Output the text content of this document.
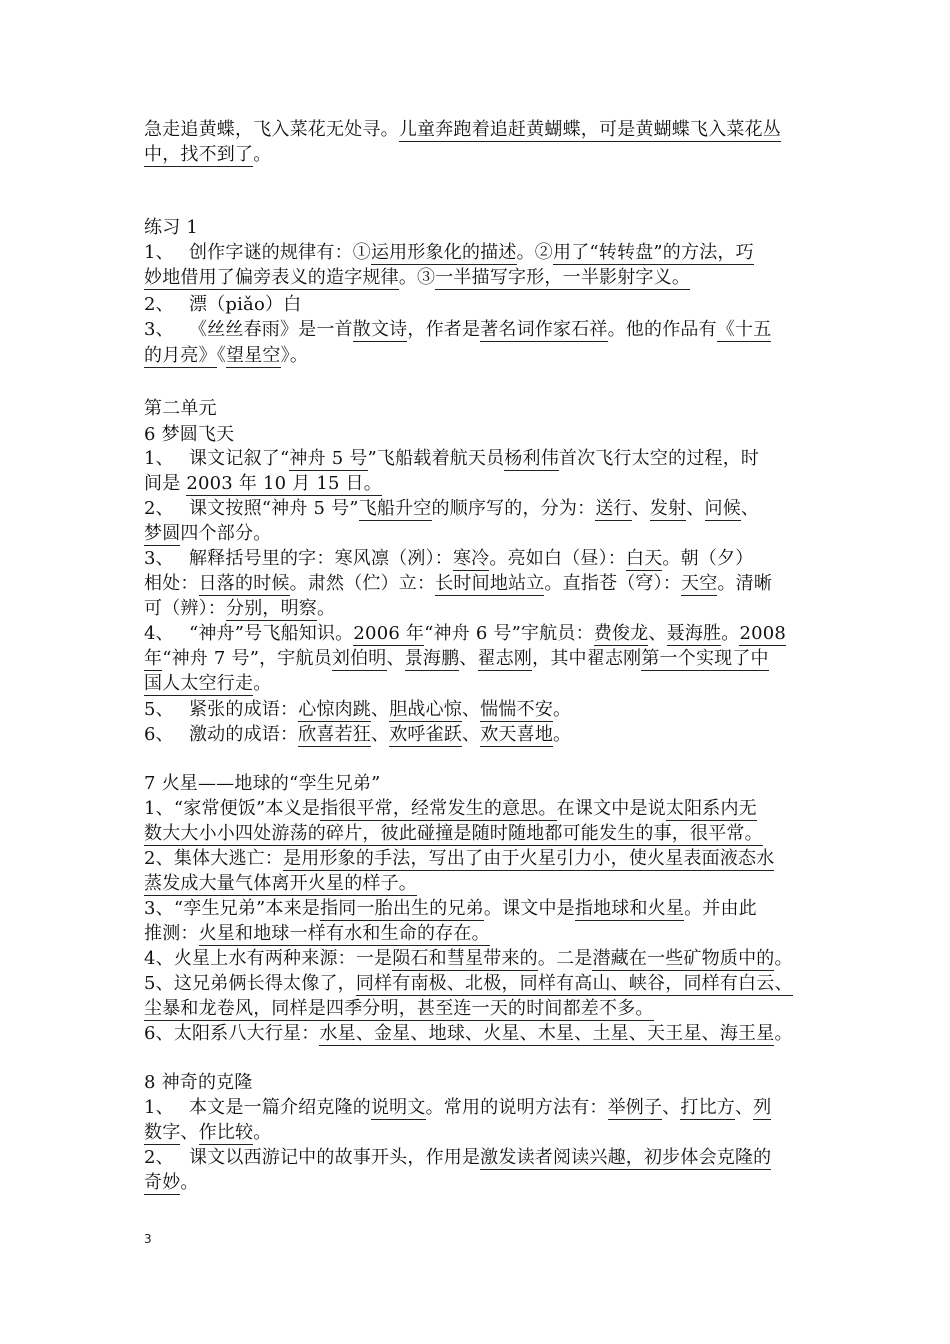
急走追黄蝶，飞入菜花无处寻。儿童奔跑着追赶黄蝴蝶，可是黄蝴蝶飞入菜花丛
中，找不到了。
练习 1
1、　 创作字谜的规律有：①运用形象化的描述。②用了“转转盘”的方法，巧
妙地借用了偏旁表义的造字规律。③一半描写字形，一半影射字义。
2、　 漂（piǎo）白
3、　 《丝丝春雨》是一首散文诗，作者是著名词作家石祥。他的作品有《十五
的月亮》《望星空》。
第二单元
6 梦圆飞天
1、　 课文记叙了“神舟 5 号”飞船载着航天员杨利伟首次飞行太空的过程，时
间是 2003 年 10 月 15 日。
2、　 课文按照“神舟 5 号”飞船升空的顺序写的，分为：送行、发射、问候、
梦圆四个部分。
3、　 解释括号里的字：寒风凛（冽）：寒冷。亮如白（昼）：白天。朝（夕）
相处：日落的时候。肃然（伫）立：长时间地站立。直指苍（穹）：天空。清晰
可（辨）：分别，明察。
4、　 “神舟”号飞船知识。2006 年“神舟 6 号”宇航员：费俊龙、聂海胜。2008
年“神舟 7 号”，宇航员刘伯明、景海鹏、翟志刚，其中翟志刚第一个实现了中
国人太空行走。
5、　 紧张的成语：心惊肉跳、胆战心惊、惴惴不安。
6、　 激动的成语：欣喜若狂、欢呼雀跃、欢天喜地。
7 火星——地球的“孪生兄弟”
1、“家常便饭”本义是指很平常，经常发生的意思。在课文中是说太阳系内无
数大大小小四处游荡的碎片，彼此碰撞是随时随地都可能发生的事，很平常。
2、集体大逃亡：是用形象的手法，写出了由于火星引力小，使火星表面液态水
蒸发成大量气体离开火星的样子。
3、“孪生兄弟”本来是指同一胎出生的兄弟。课文中是指地球和火星。并由此
推测：火星和地球一样有水和生命的存在。
4、火星上水有两种来源：一是陨石和彗星带来的。二是潜藏在一些矿物质中的。
5、这兄弟俩长得太像了，同样有南极、北极，同样有高山、峡谷，同样有白云、
尘暴和龙卷风，同样是四季分明，甚至连一天的时间都差不多。
6、太阳系八大行星：水星、金星、地球、火星、木星、土星、天王星、海王星。
8 神奇的克隆
1、　 本文是一篇介绍克隆的说明文。常用的说明方法有：举例子、打比方、列
数字、作比较。
2、　 课文以西游记中的故事开头，作用是激发读者阅读兴趣，初步体会克隆的
奇妙。
3
